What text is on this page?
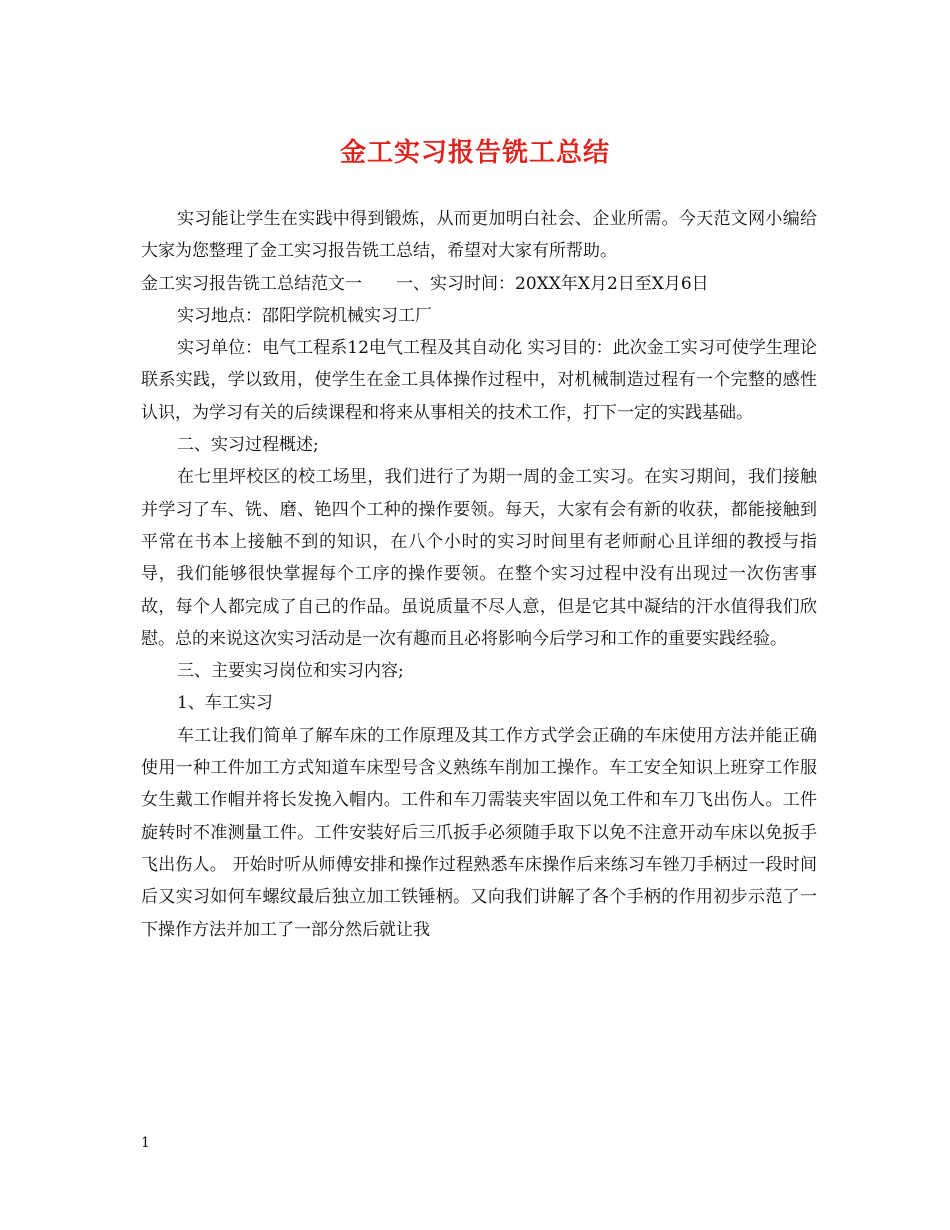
金工实习报告铣工总结

实习能让学生在实践中得到锻炼，从而更加明白社会、企业所需。今天范文网小编给大家为您整理了金工实习报告铣工总结，希望对大家有所帮助。

金工实习报告铣工总结范文一 一、实习时间：20XX年X月2日至X月6日

实习地点：邵阳学院机械实习工厂

实习单位：电气工程系12电气工程及其自动化 实习目的：此次金工实习可使学生理论联系实践，学以致用，使学生在金工具体操作过程中，对机械制造过程有一个完整的感性认识，为学习有关的后续课程和将来从事相关的技术工作，打下一定的实践基础。

二、实习过程概述;

在七里坪校区的校工场里，我们进行了为期一周的金工实习。在实习期间，我们接触并学习了车、铣、磨、铯四个工种的操作要领。每天，大家有会有新的收获，都能接触到平常在书本上接触不到的知识，在八个小时的实习时间里有老师耐心且详细的教授与指导，我们能够很快掌握每个工序的操作要领。在整个实习过程中没有出现过一次伤害事故，每个人都完成了自己的作品。虽说质量不尽人意，但是它其中凝结的汗水值得我们欣慰。总的来说这次实习活动是一次有趣而且必将影响今后学习和工作的重要实践经验。

三、主要实习岗位和实习内容;

1、车工实习

车工让我们简单了解车床的工作原理及其工作方式学会正确的车床使用方法并能正确使用一种工件加工方式知道车床型号含义熟练车削加工操作。车工安全知识上班穿工作服女生戴工作帽并将长发挽入帽内。工件和车刀需装夹牢固以免工件和车刀飞出伤人。工件旋转时不准测量工件。工件安装好后三爪扳手必须随手取下以免不注意开动车床以免扳手飞出伤人。 开始时听从师傅安排和操作过程熟悉车床操作后来练习车锉刀手柄过一段时间后又实习如何车螺纹最后独立加工铁锤柄。又向我们讲解了各个手柄的作用初步示范了一下操作方法并加工了一部分然后就让我

1
